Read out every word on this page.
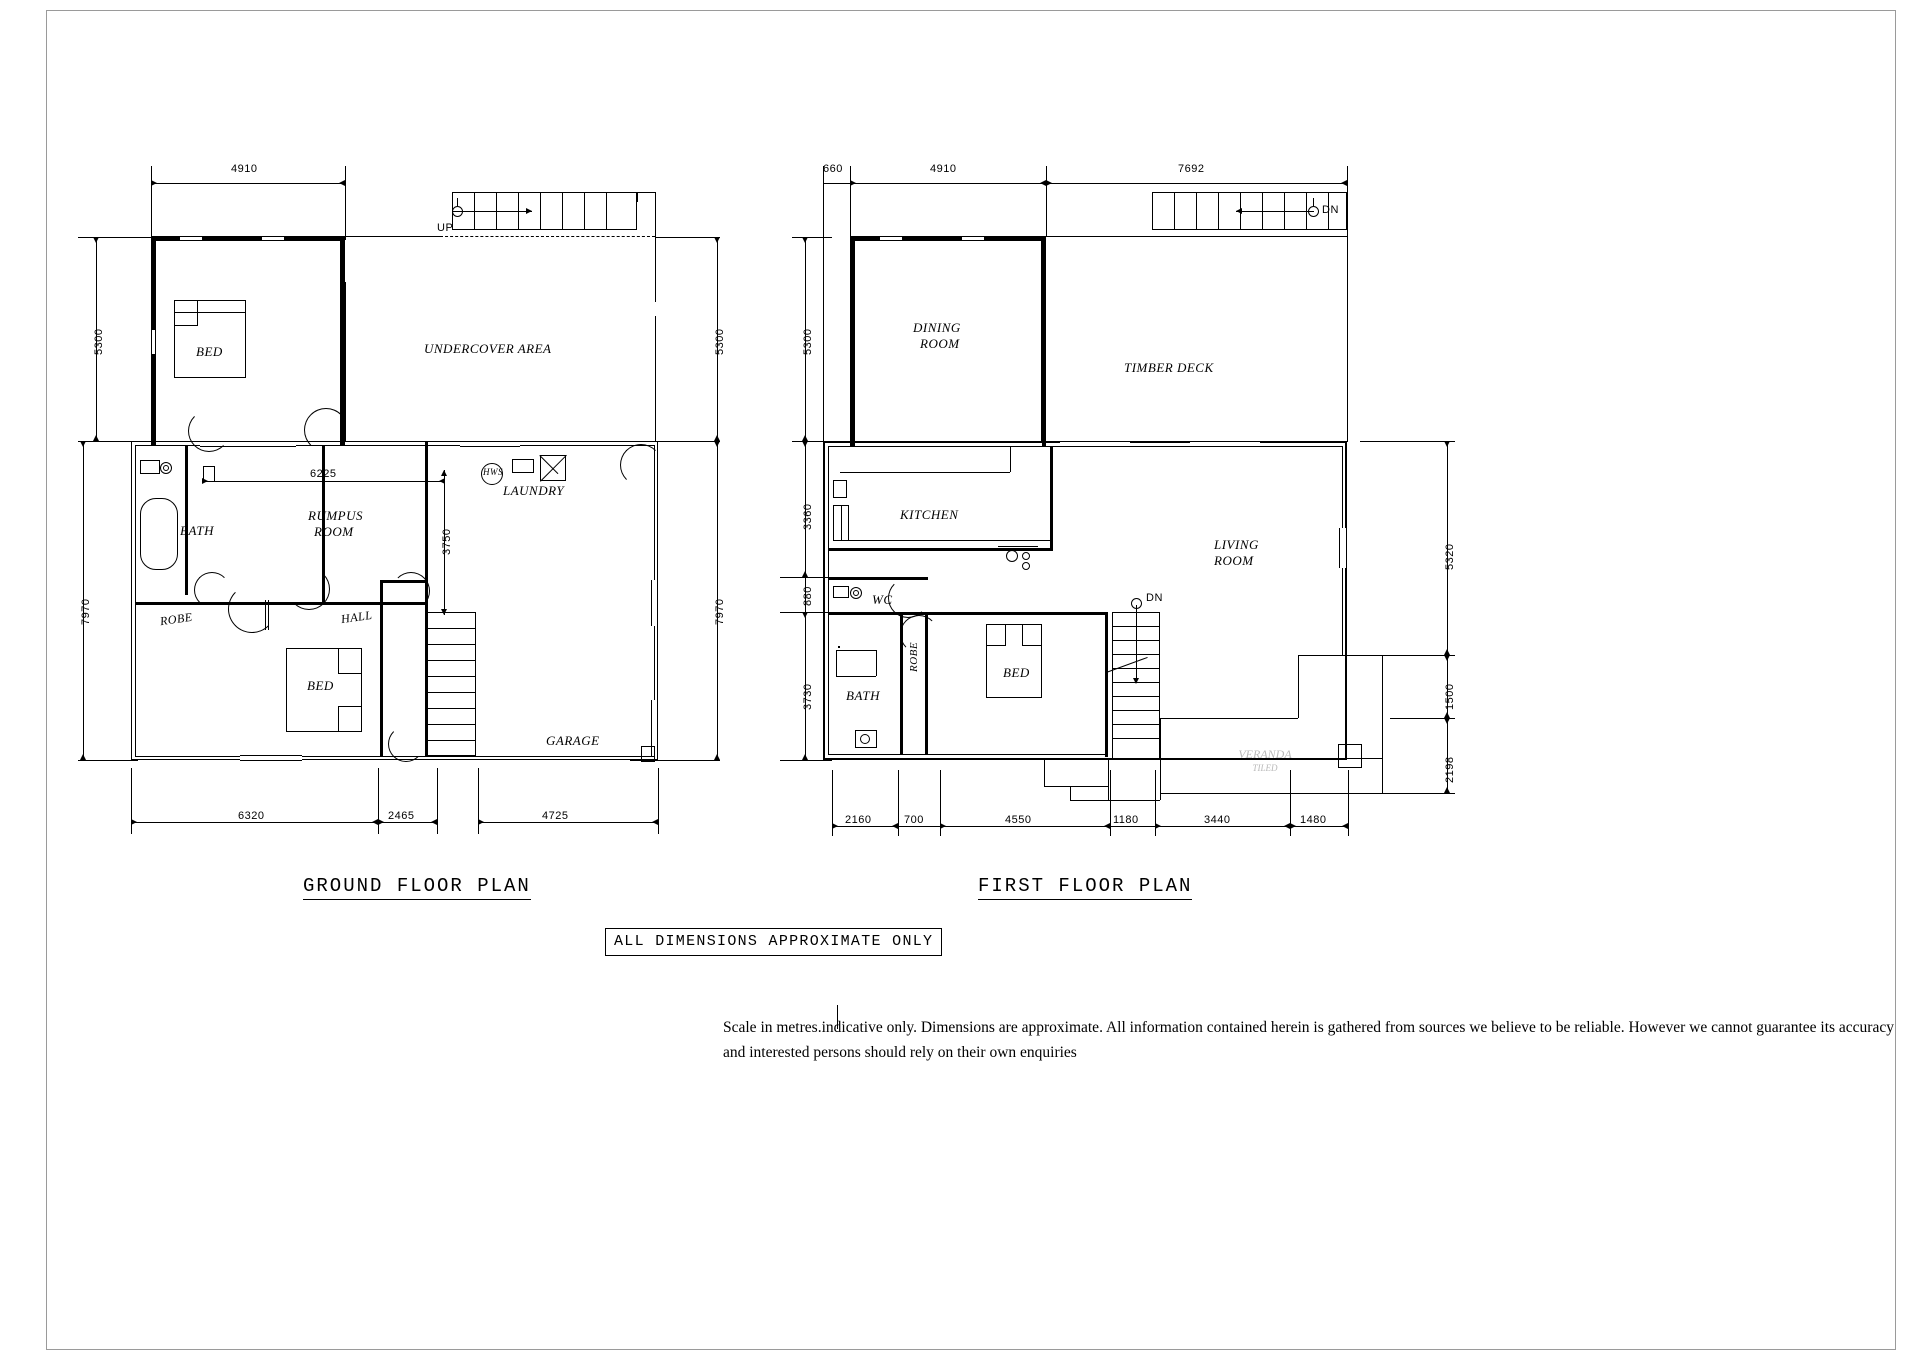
4910
5300
7970
5300
7970
6320	2465	4725
BED	UNDERCOVER AREA
UP
BATH
RUMPUS
ROOM
6225
3750
HWS
LAUNDRY
ROBE	HALL
BED
GARAGE
GROUND FLOOR PLAN
660	4910	7692
5300
3360
880
3730
5320
1500
2198
2160	700	4550	1180	3440	1480
DINING
ROOM
TIMBER DECK
DN
KITCHEN
WC
BATH
ROBE
BED
LIVING
ROOM
DN
VERANDA
TILED
FIRST FLOOR PLAN
ALL DIMENSIONS APPROXIMATE ONLY
Scale in metres.indicative only. Dimensions are approximate. All information contained herein is gathered from sources we believe to be reliable. However we cannot guarantee its accuracy and interested persons should rely on their own enquiries
